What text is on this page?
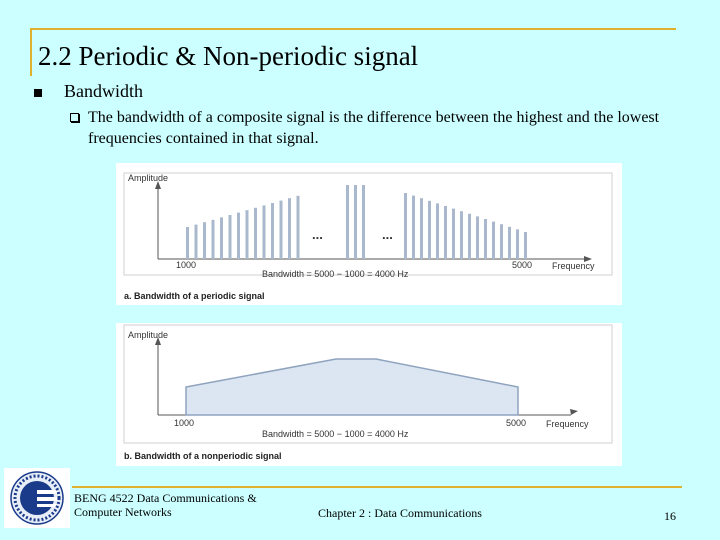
2.2 Periodic & Non-periodic signal
Bandwidth
The bandwidth of a composite signal is the difference between the highest and the lowest frequencies contained in that signal.
...	...
Amplitude
Frequency
1000	5000
Bandwidth = 5000 − 1000 = 4000 Hz
a. Bandwidth of a periodic signal
Amplitude
Frequency
1000	5000
Bandwidth = 5000 − 1000 = 4000 Hz
b. Bandwidth of a nonperiodic signal
BENG 4522 Data Communications & Computer Networks	Chapter 2 : Data Communications	16
